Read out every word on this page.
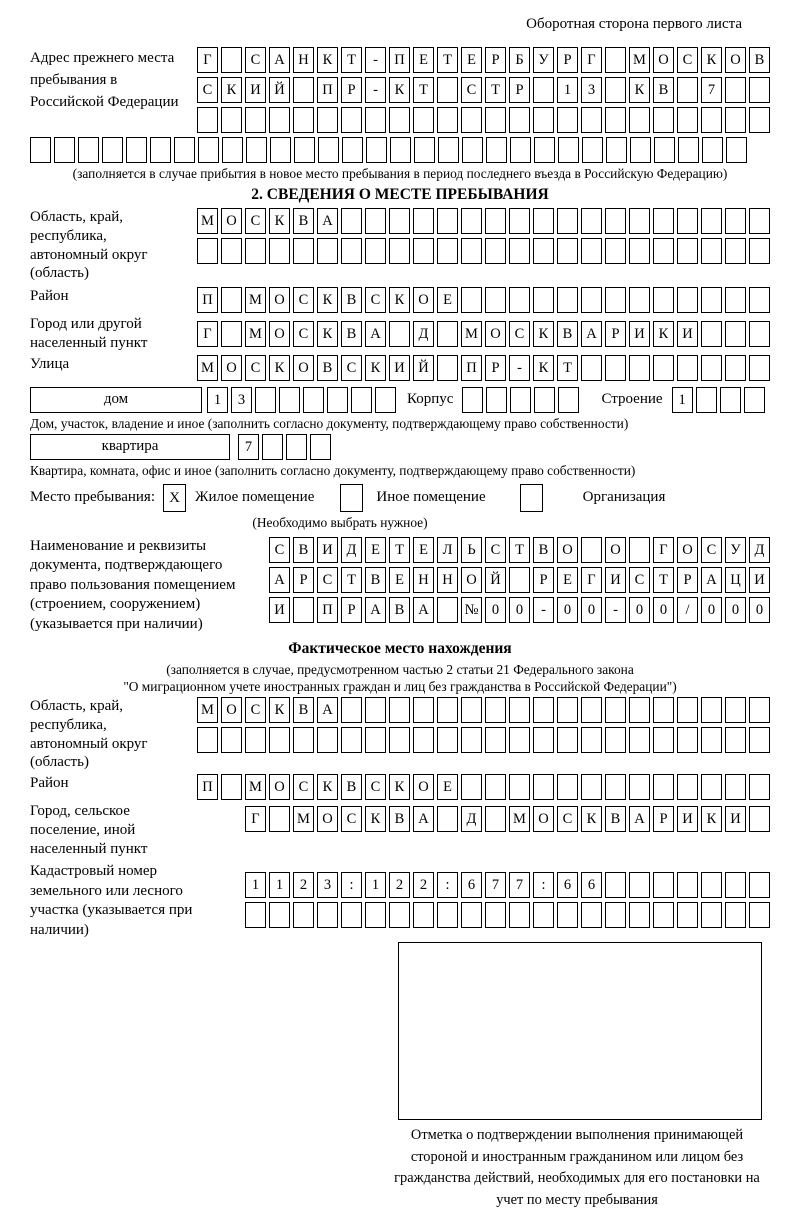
Оборотная сторона первого листа
Адрес прежнего места пребывания в Российской Федерации
Г	С А Н К	Т	-	П Е	Т	Е	Р	Б	У	Р	Г	М О С К О В
С К И Й	П	Р	-	К	Т	С	Т	Р	1	3	К В	7
(заполняется в случае прибытия в новое место пребывания в период последнего въезда в Российскую Федерацию)
2. СВЕДЕНИЯ О МЕСТЕ ПРЕБЫВАНИЯ
Область, край, республика, автономный округ (область)
М О С К В А
Район	П	М О С К В С К О Е
Город или другой населенный пункт
Г	М О С К В А	Д	М О С К В А	Р	И К И
Улица	М О С К О В С К И Й	П	Р	-	К	Т
дом	1	3	Корпус	Строение	1
Дом, участок, владение и иное (заполнить согласно документу, подтверждающему право собственности)
квартира	7
Квартира, комната, офис и иное (заполнить согласно документу, подтверждающему право собственности)
Место пребывания: X	Жилое помещение	Иное помещение	Организация
(Необходимо выбрать нужное)
Наименование и реквизиты документа, подтверждающего право пользования помещением (строением, сооружением) (указывается при наличии)
С В И Д	Е	Т	Е	Л	Ь	С	Т	В О	О	Г	О С У Д
А	Р	С	Т	В	Е Н Н О Й	Р	Е	Г	И С	Т	Р	А Ц И
И	П	Р	А В А	№ 0	0	-	0	0	-	0	0	/	0	0	0
Фактическое место нахождения
(заполняется в случае, предусмотренном частью 2 статьи 21 Федерального закона
"О миграционном учете иностранных граждан и лиц без гражданства в Российской Федерации")
Область, край, республика, автономный округ (область)
М О С К В А
Район	П	М О С К В С К О Е
Город, сельское поселение, иной населенный пункт
Г	М О С К В А	Д	М О С К В А	Р	И К И
Кадастровый номер земельного или лесного участка (указывается при наличии)
1	1	2	3	:	1	2	2	:	6	7	7	:	6	6
Отметка о подтверждении выполнения принимающей стороной и иностранным гражданином или лицом без гражданства действий, необходимых для его постановки на учет по месту пребывания
